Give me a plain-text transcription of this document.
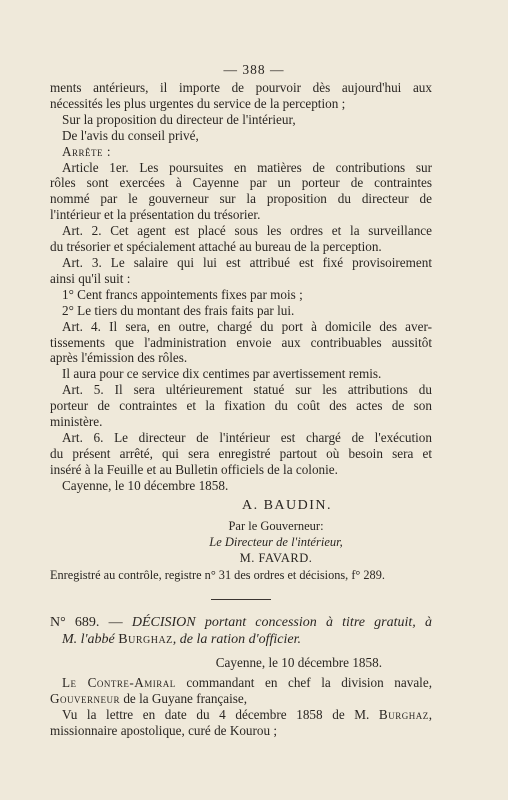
— 388 —
ments antérieurs, il importe de pourvoir dès aujourd'hui aux
nécessités les plus urgentes du service de la perception ;
Sur la proposition du directeur de l'intérieur,
De l'avis du conseil privé,
Arrête :
Article 1er. Les poursuites en matières de contributions sur
rôles sont exercées à Cayenne par un porteur de contraintes
nommé par le gouverneur sur la proposition du directeur de
l'intérieur et la présentation du trésorier.
Art. 2. Cet agent est placé sous les ordres et la surveillance
du trésorier et spécialement attaché au bureau de la perception.
Art. 3. Le salaire qui lui est attribué est fixé provisoirement
ainsi qu'il suit :
1° Cent francs appointements fixes par mois ;
2° Le tiers du montant des frais faits par lui.
Art. 4. Il sera, en outre, chargé du port à domicile des aver-
tissements que l'administration envoie aux contribuables aussitôt
après l'émission des rôles.
Il aura pour ce service dix centimes par avertissement remis.
Art. 5. Il sera ultérieurement statué sur les attributions du
porteur de contraintes et la fixation du coût des actes de son
ministère.
Art. 6. Le directeur de l'intérieur est chargé de l'exécution
du présent arrêté, qui sera enregistré partout où besoin sera et
inséré à la Feuille et au Bulletin officiels de la colonie.
Cayenne, le 10 décembre 1858.
A. BAUDIN.
Par le Gouverneur:
Le Directeur de l'intérieur,
M. FAVARD.
Enregistré au contrôle, registre n° 31 des ordres et décisions, f° 289.
N° 689. — DÉCISION portant concession à titre gratuit, à
M. l'abbé Burghaz, de la ration d'officier.
Cayenne, le 10 décembre 1858.
Le Contre-Amiral commandant en chef la division navale,
Gouverneur de la Guyane française,
Vu la lettre en date du 4 décembre 1858 de M. Burghaz,
missionnaire apostolique, curé de Kourou ;
